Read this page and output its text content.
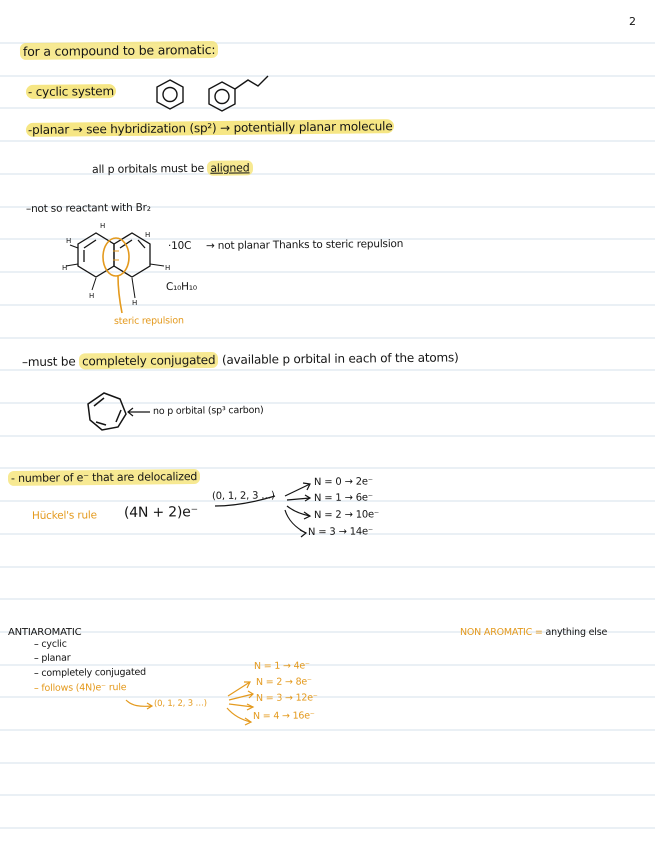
H
H
H
H
H
H
H
2
for a compound to be aromatic:
- cyclic system
-planar → see hybridization (sp²) → potentially planar molecule
all p orbitals must be aligned
–not so reactant with Br₂
·10C → not planar Thanks to steric repulsion
C₁₀H₁₀
steric repulsion
–must be completely conjugated (available p orbital in each of the atoms)
no p orbital (sp³ carbon)
- number of e⁻ that are delocalized
Hückel's rule (4N + 2)e⁻
(0, 1, 2, 3 …)
N = 0 → 2e⁻
N = 1 → 6e⁻
N = 2 → 10e⁻
N = 3 → 14e⁻
ANTIAROMATIC
– cyclic
– planar
– completely conjugated
– follows (4N)e⁻ rule
(0, 1, 2, 3 …)
N = 1 → 4e⁻
N = 2 → 8e⁻
N = 3 → 12e⁻
N = 4 → 16e⁻
NON AROMATIC = anything else
